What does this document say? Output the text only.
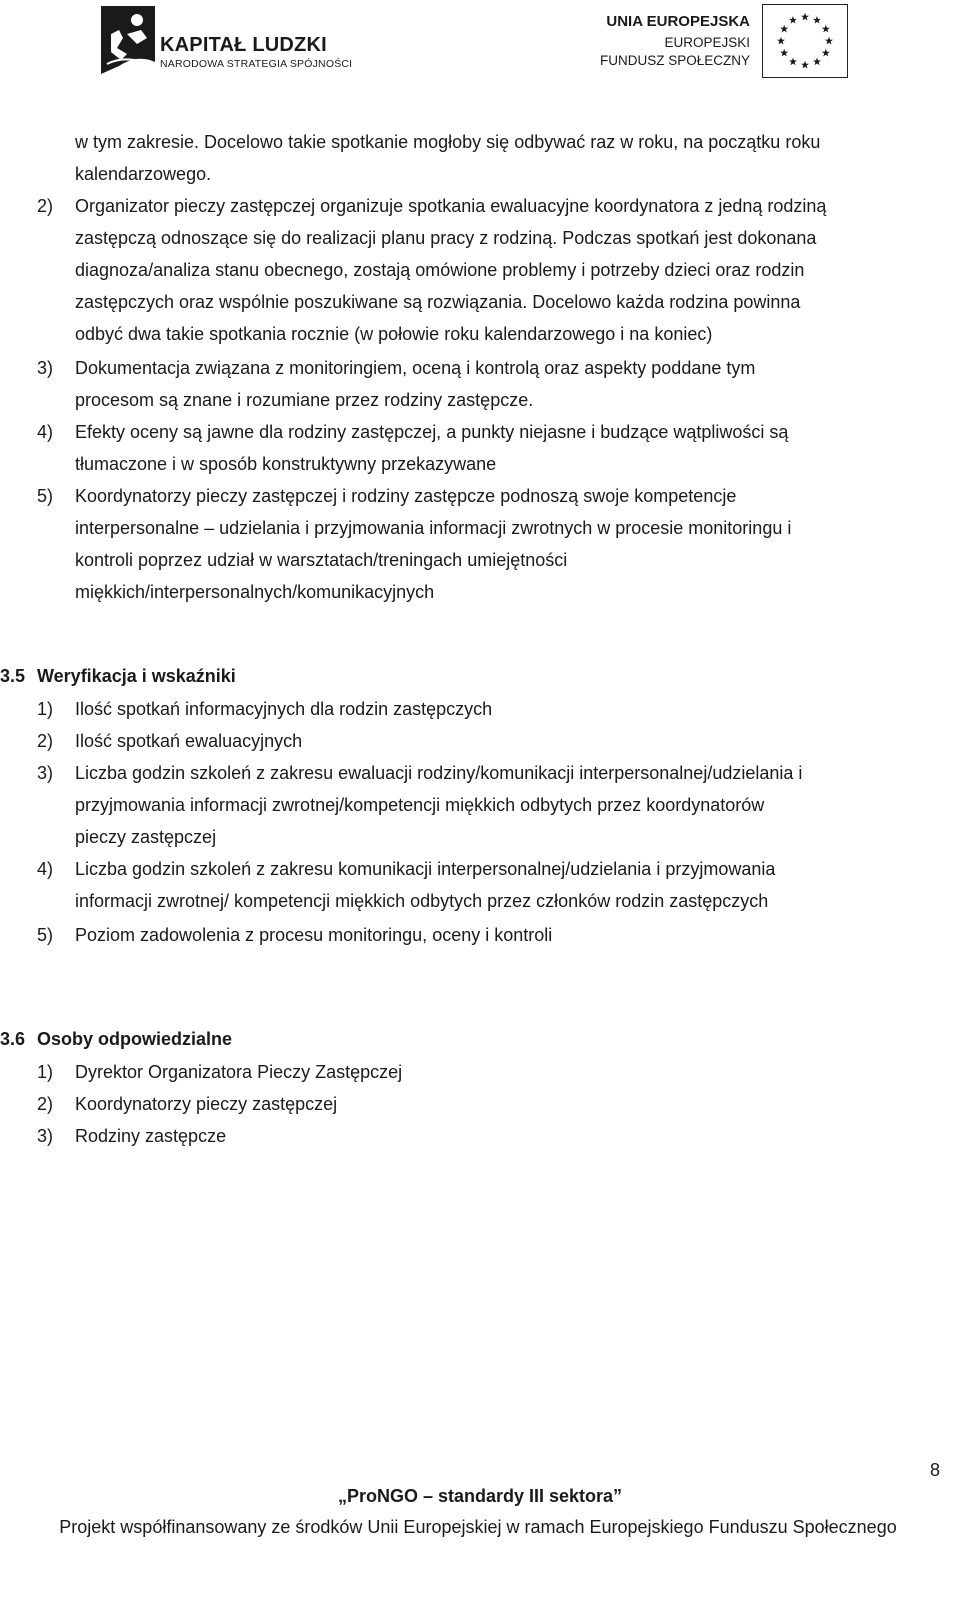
KAPITAŁ LUDZKI
NARODOWA STRATEGIA SPÓJNOŚCI
UNIA EUROPEJSKA
EUROPEJSKI
FUNDUSZ SPOŁECZNY
w tym zakresie. Docelowo takie spotkanie mogłoby się odbywać raz w roku, na początku roku
kalendarzowego.
2) Organizator pieczy zastępczej organizuje spotkania ewaluacyjne koordynatora z jedną rodziną
zastępczą odnoszące się do realizacji planu pracy z rodziną. Podczas spotkań jest dokonana
diagnoza/analiza stanu obecnego, zostają omówione problemy i potrzeby dzieci oraz rodzin
zastępczych oraz wspólnie poszukiwane są rozwiązania. Docelowo każda rodzina powinna
odbyć dwa takie spotkania rocznie (w połowie roku kalendarzowego i na koniec)
3) Dokumentacja związana z monitoringiem, oceną i kontrolą oraz aspekty poddane tym
procesom są znane i rozumiane przez rodziny zastępcze.
4) Efekty oceny są jawne dla rodziny zastępczej, a punkty niejasne i budzące wątpliwości są
tłumaczone i w sposób konstruktywny przekazywane
5) Koordynatorzy pieczy zastępczej i rodziny zastępcze podnoszą swoje kompetencje
interpersonalne – udzielania i przyjmowania informacji zwrotnych w procesie monitoringu i
kontroli poprzez udział w warsztatach/treningach umiejętności
miękkich/interpersonalnych/komunikacyjnych
3.5 Weryfikacja i wskaźniki
1) Ilość spotkań informacyjnych dla rodzin zastępczych
2) Ilość spotkań ewaluacyjnych
3) Liczba godzin szkoleń z zakresu ewaluacji rodziny/komunikacji interpersonalnej/udzielania i
przyjmowania informacji zwrotnej/kompetencji miękkich odbytych przez koordynatorów
pieczy zastępczej
4) Liczba godzin szkoleń z zakresu komunikacji interpersonalnej/udzielania i przyjmowania
informacji zwrotnej/ kompetencji miękkich odbytych przez członków rodzin zastępczych
5) Poziom zadowolenia z procesu monitoringu, oceny i kontroli
3.6 Osoby odpowiedzialne
1) Dyrektor Organizatora Pieczy Zastępczej
2) Koordynatorzy pieczy zastępczej
3) Rodziny zastępcze
8
„ProNGO – standardy III sektora”
Projekt współfinansowany ze środków Unii Europejskiej w ramach Europejskiego Funduszu Społecznego
